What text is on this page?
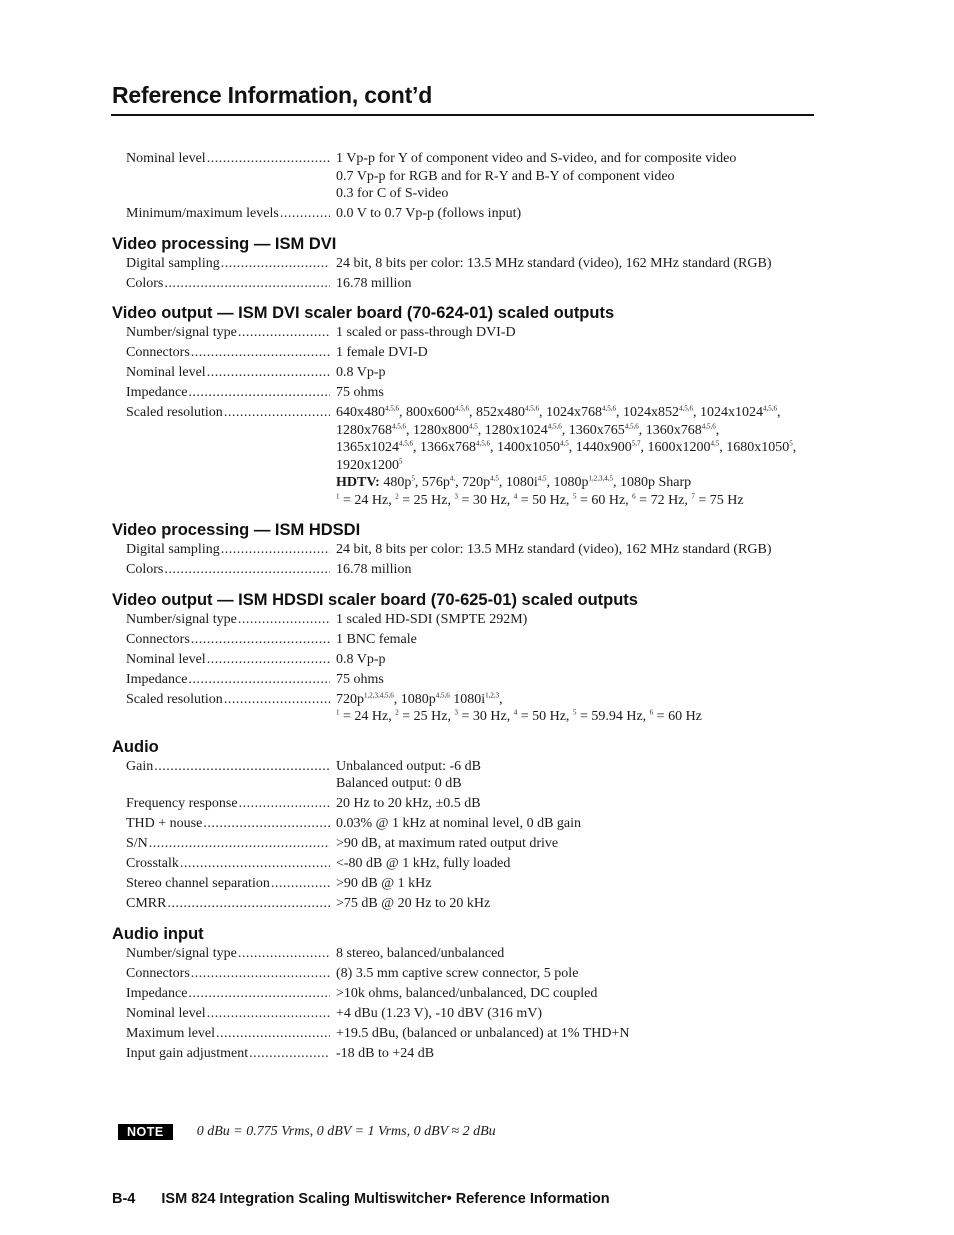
Reference Information, cont’d
Nominal level .....	1 Vp-p for Y of component video and S-video, and for composite video
0.7 Vp-p for RGB and for R-Y and B-Y of component video
0.3 for C of S-video
Minimum/maximum levels .....	0.0 V to 0.7 Vp-p (follows input)
Video processing — ISM DVI
Digital sampling .....	24 bit, 8 bits per color: 13.5 MHz standard (video), 162 MHz standard (RGB)
Colors .....	16.78 million
Video output — ISM DVI scaler board (70-624-01) scaled outputs
Number/signal type .....	1 scaled or pass-through DVI-D
Connectors .....	1 female DVI-D
Nominal level .....	0.8 Vp-p
Impedance .....	75 ohms
Scaled resolution .....	640x480$^{4,5,6}$, 800x600$^{4,5,6}$, 852x480$^{4,5,6}$, 1024x768$^{4,5,6}$, 1024x852$^{4,5,6}$, 1024x1024$^{4,5,6}$,
1280x768$^{4,5,6}$, 1280x800$^{4,5}$, 1280x1024$^{4,5,6}$, 1360x765$^{4,5,6}$, 1360x768$^{4,5,6}$,
1365x1024$^{4,5,6}$, 1366x768$^{4,5,6}$, 1400x1050$^{4,5}$, 1440x900$^{5,7}$, 1600x1200$^{4,5}$, 1680x1050$^5$,
1920x1200$^5$
HDTV: $480p^5$, $576p^{4,}$, $720p^{4,5}$, $1080i^{4,5}$, $1080p^{1,2,3,4,5}$, 1080p Sharp
$^1$ = 24 Hz, $^2$ = 25 Hz, $^3$ = 30 Hz, $^4$ = 50 Hz, $^5$ = 60 Hz, $^6$ = 72 Hz, $^7$ = 75 Hz
Video processing — ISM HDSDI
Digital sampling .....	24 bit, 8 bits per color: 13.5 MHz standard (video), 162 MHz standard (RGB)
Colors .....	16.78 million
Video output — ISM HDSDI scaler board (70-625-01) scaled outputs
Number/signal type .....	1 scaled HD-SDI (SMPTE 292M)
Connectors .....	1 BNC female
Nominal level .....	0.8 Vp-p
Impedance .....	75 ohms
Scaled resolution .....	$720p^{1,2,3,4,5,6}$, $1080p^{4,5,6}$ $1080i^{1,2,3}$,
$^1$ = 24 Hz, $^2$ = 25 Hz, $^3$ = 30 Hz, $^4$ = 50 Hz, $^5$ = 59.94 Hz, $^6$ = 60 Hz
Audio
Gain .....	Unbalanced output: -6 dB
Balanced output: 0 dB
Frequency response .....	20 Hz to 20 kHz, ±0.5 dB
THD + nouse .....	0.03% @ 1 kHz at nominal level, 0 dB gain
S/N .....	>90 dB, at maximum rated output drive
Crosstalk .....	<-80 dB @ 1 kHz, fully loaded
Stereo channel separation .....	>90 dB @ 1 kHz
CMRR .....	>75 dB @ 20 Hz to 20 kHz
Audio input
Number/signal type .....	8 stereo, balanced/unbalanced
Connectors .....	(8) 3.5 mm captive screw connector, 5 pole
Impedance .....	>10k ohms, balanced/unbalanced, DC coupled
Nominal level .....	+4 dBu (1.23 V), -10 dBV (316 mV)
Maximum level .....	+19.5 dBu, (balanced or unbalanced) at 1% THD+N
Input gain adjustment .....	-18 dB to +24 dB
NOTE	0 dBu = 0.775 Vrms, 0 dBV = 1 Vrms, 0 dBV ≈ 2 dBu
B-4 ISM 824 Integration Scaling Multiswitcher• Reference Information
